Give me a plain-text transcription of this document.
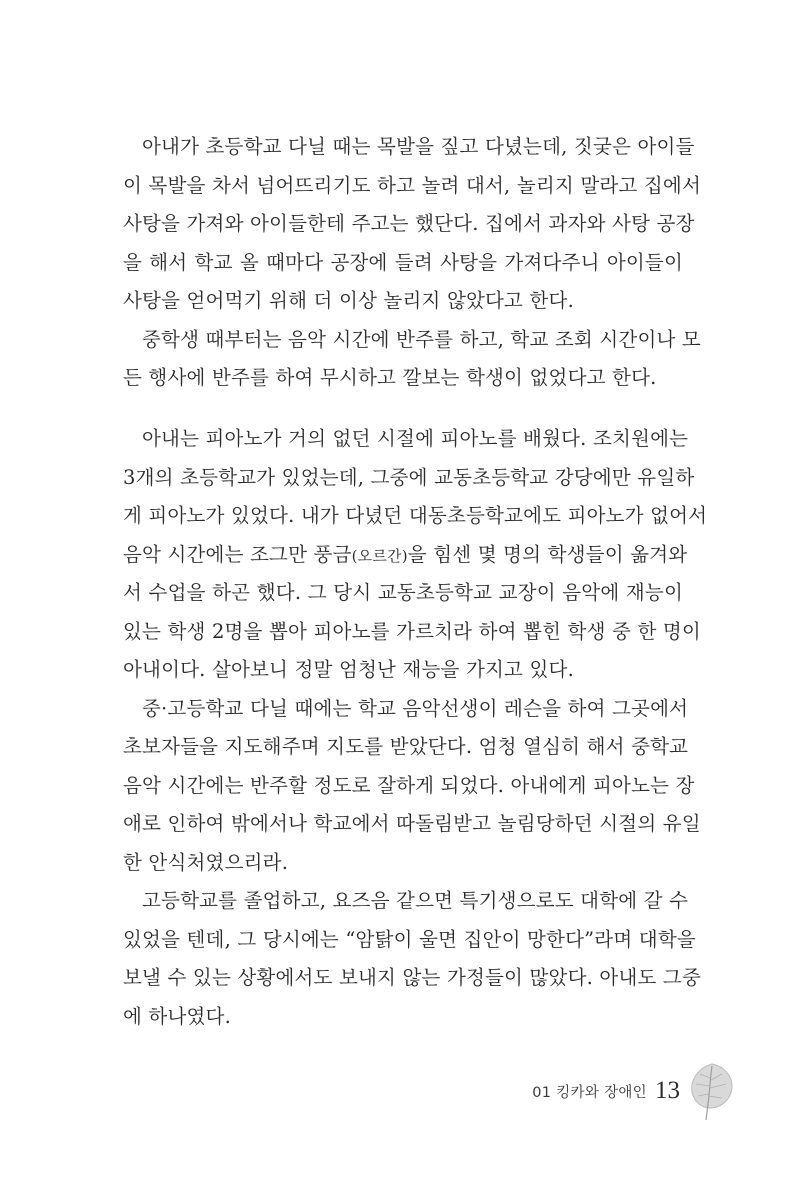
아내가 초등학교 다닐 때는 목발을 짚고 다녔는데, 짓궂은 아이들
이 목발을 차서 넘어뜨리기도 하고 놀려 대서, 놀리지 말라고 집에서
사탕을 가져와 아이들한테 주고는 했단다. 집에서 과자와 사탕 공장
을 해서 학교 올 때마다 공장에 들려 사탕을 가져다주니 아이들이
사탕을 얻어먹기 위해 더 이상 놀리지 않았다고 한다.
중학생 때부터는 음악 시간에 반주를 하고, 학교 조회 시간이나 모
든 행사에 반주를 하여 무시하고 깔보는 학생이 없었다고 한다.
아내는 피아노가 거의 없던 시절에 피아노를 배웠다. 조치원에는
3개의 초등학교가 있었는데, 그중에 교동초등학교 강당에만 유일하
게 피아노가 있었다. 내가 다녔던 대동초등학교에도 피아노가 없어서
음악 시간에는 조그만 풍금(오르간)을 힘센 몇 명의 학생들이 옮겨와
서 수업을 하곤 했다. 그 당시 교동초등학교 교장이 음악에 재능이
있는 학생 2명을 뽑아 피아노를 가르치라 하여 뽑힌 학생 중 한 명이
아내이다. 살아보니 정말 엄청난 재능을 가지고 있다.
중·고등학교 다닐 때에는 학교 음악선생이 레슨을 하여 그곳에서
초보자들을 지도해주며 지도를 받았단다. 엄청 열심히 해서 중학교
음악 시간에는 반주할 정도로 잘하게 되었다. 아내에게 피아노는 장
애로 인하여 밖에서나 학교에서 따돌림받고 놀림당하던 시절의 유일
한 안식처였으리라.
고등학교를 졸업하고, 요즈음 같으면 특기생으로도 대학에 갈 수
있었을 텐데, 그 당시에는 “암탉이 울면 집안이 망한다”라며 대학을
보낼 수 있는 상황에서도 보내지 않는 가정들이 많았다. 아내도 그중
에 하나였다.
01 킹카와 장애인 13
